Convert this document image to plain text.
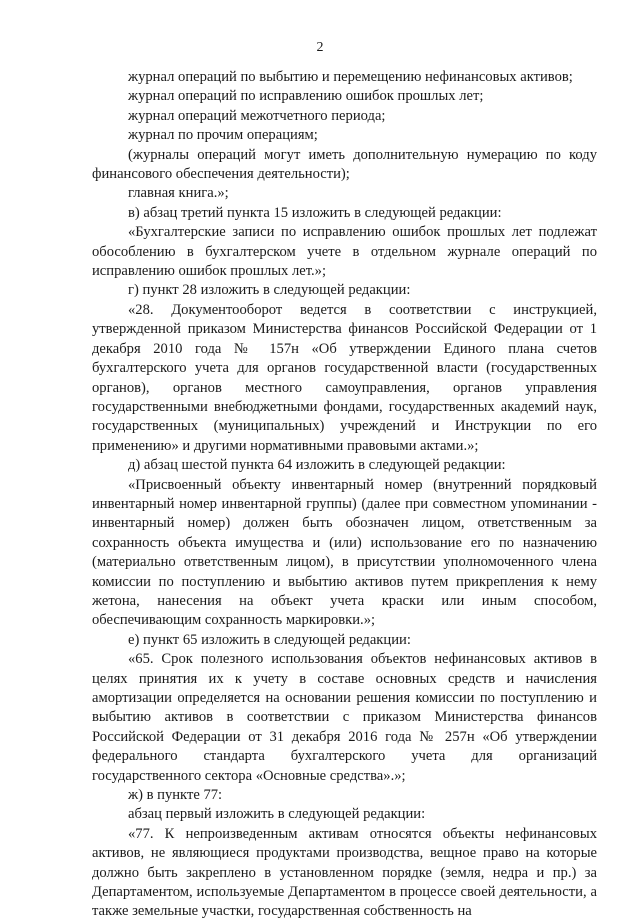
2

журнал операций по выбытию и перемещению нефинансовых активов;

журнал операций по исправлению ошибок прошлых лет;

журнал операций межотчетного периода;

журнал по прочим операциям;

(журналы операций могут иметь дополнительную нумерацию по коду финансового обеспечения деятельности);

главная книга.»;

в) абзац третий пункта 15 изложить в следующей редакции:

«Бухгалтерские записи по исправлению ошибок прошлых лет подлежат обособлению в бухгалтерском учете в отдельном журнале операций по исправлению ошибок прошлых лет.»;

г) пункт 28 изложить в следующей редакции:

«28. Документооборот ведется в соответствии с инструкцией, утвержденной приказом Министерства финансов Российской Федерации от 1 декабря 2010 года № 157н «Об утверждении Единого плана счетов бухгалтерского учета для органов государственной власти (государственных органов), органов местного самоуправления, органов управления государственными внебюджетными фондами, государственных академий наук, государственных (муниципальных) учреждений и Инструкции по его применению» и другими нормативными правовыми актами.»;

д) абзац шестой пункта 64 изложить в следующей редакции:

«Присвоенный объекту инвентарный номер (внутренний порядковый инвентарный номер инвентарной группы) (далее при совместном упоминании - инвентарный номер) должен быть обозначен лицом, ответственным за сохранность объекта имущества и (или) использование его по назначению (материально ответственным лицом), в присутствии уполномоченного члена комиссии по поступлению и выбытию активов путем прикрепления к нему жетона, нанесения на объект учета краски или иным способом, обеспечивающим сохранность маркировки.»;

е) пункт 65 изложить в следующей редакции:

«65. Срок полезного использования объектов нефинансовых активов в целях принятия их к учету в составе основных средств и начисления амортизации определяется на основании решения комиссии по поступлению и выбытию активов в соответствии с приказом Министерства финансов Российской Федерации от 31 декабря 2016 года № 257н «Об утверждении федерального стандарта бухгалтерского учета для организаций государственного сектора «Основные средства».»;

ж) в пункте 77:

абзац первый изложить в следующей редакции:

«77. К непроизведенным активам относятся объекты нефинансовых активов, не являющиеся продуктами производства, вещное право на которые должно быть закреплено в установленном порядке (земля, недра и пр.) за Департаментом, используемые Департаментом в процессе своей деятельности, а также земельные участки, государственная собственность на
